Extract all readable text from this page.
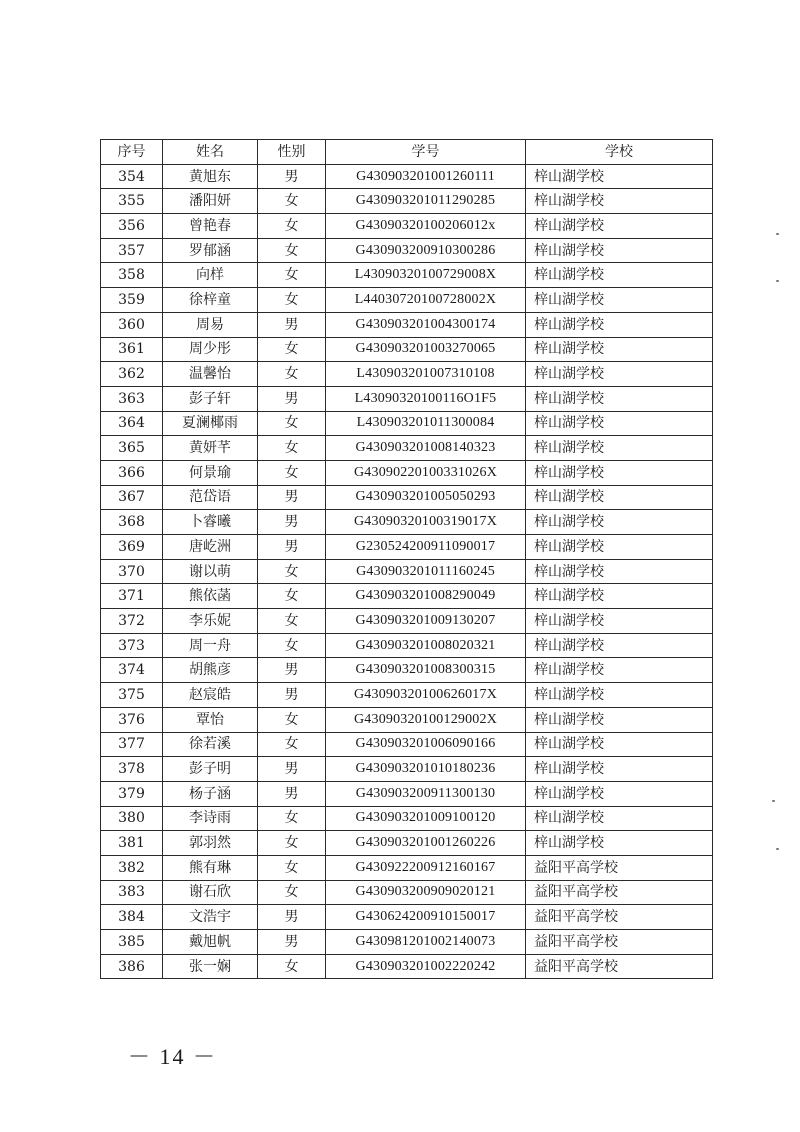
序号	姓名	性别	学号	学校
354	黄旭东	男	G430903201001260111	梓山湖学校
355	潘阳妍	女	G430903201011290285	梓山湖学校
356	曾艳春	女	G43090320100206012x	梓山湖学校
357	罗郁涵	女	G430903200910300286	梓山湖学校
358	向样	女	L43090320100729008X	梓山湖学校
359	徐梓童	女	L44030720100728002X	梓山湖学校
360	周易	男	G430903201004300174	梓山湖学校
361	周少彤	女	G430903201003270065	梓山湖学校
362	温馨怡	女	L430903201007310108	梓山湖学校
363	彭子轩	男	L43090320100116O1F5	梓山湖学校
364	夏澜椰雨	女	L430903201011300084	梓山湖学校
365	黄妍芊	女	G430903201008140323	梓山湖学校
366	何景瑜	女	G43090220100331026X	梓山湖学校
367	范岱语	男	G430903201005050293	梓山湖学校
368	卜睿曦	男	G43090320100319017X	梓山湖学校
369	唐屹洲	男	G230524200911090017	梓山湖学校
370	谢以萌	女	G430903201011160245	梓山湖学校
371	熊依菡	女	G430903201008290049	梓山湖学校
372	李乐妮	女	G430903201009130207	梓山湖学校
373	周一舟	女	G430903201008020321	梓山湖学校
374	胡熊彦	男	G430903201008300315	梓山湖学校
375	赵宸皓	男	G43090320100626017X	梓山湖学校
376	覃怡	女	G43090320100129002X	梓山湖学校
377	徐若溪	女	G430903201006090166	梓山湖学校
378	彭子明	男	G430903201010180236	梓山湖学校
379	杨子涵	男	G430903200911300130	梓山湖学校
380	李诗雨	女	G430903201009100120	梓山湖学校
381	郭羽然	女	G430903201001260226	梓山湖学校
382	熊有琳	女	G430922200912160167	益阳平高学校
383	谢石欣	女	G430903200909020121	益阳平高学校
384	文浩宇	男	G430624200910150017	益阳平高学校
385	戴旭帆	男	G430981201002140073	益阳平高学校
386	张一娴	女	G430903201002220242	益阳平高学校
－ 14 －
